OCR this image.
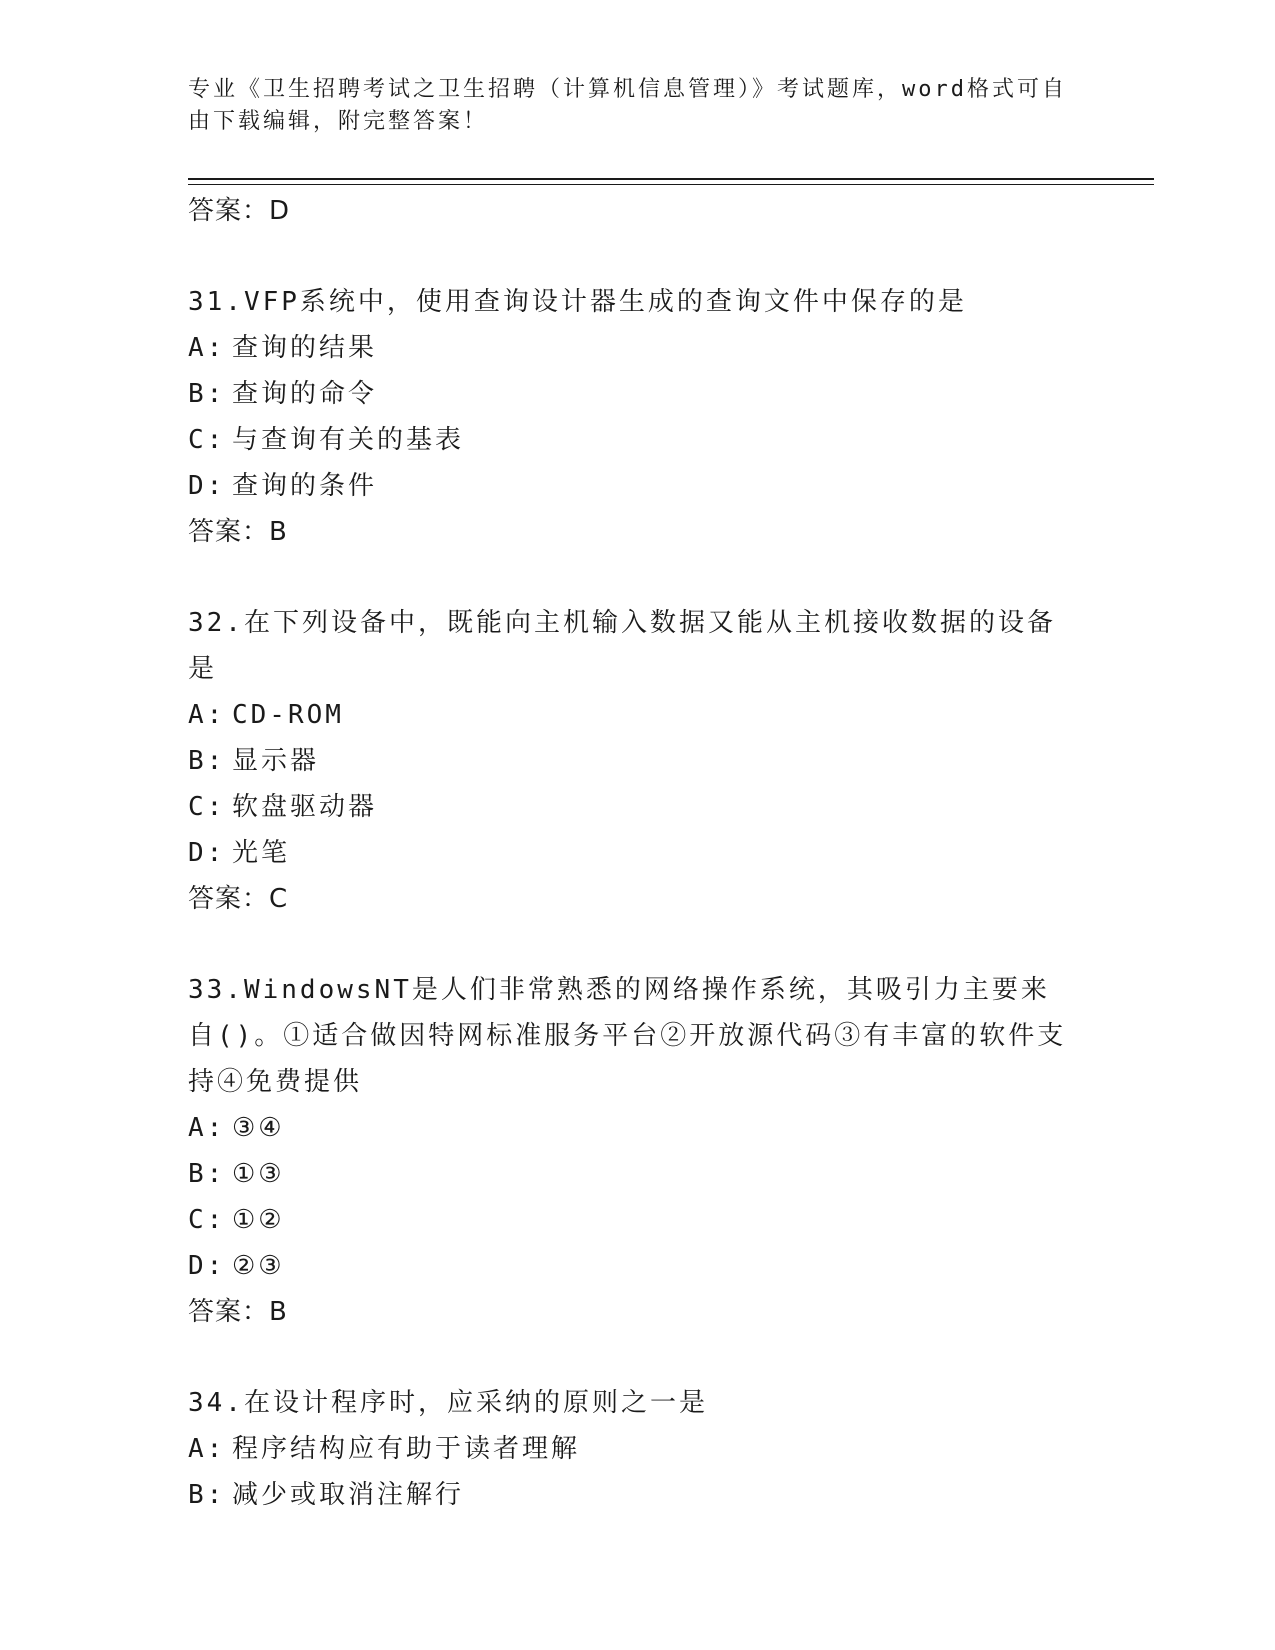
专业《卫生招聘考试之卫生招聘（计算机信息管理）》考试题库，word格式可自
由下载编辑，附完整答案！
答案：D
31.VFP系统中，使用查询设计器生成的查询文件中保存的是
A: 查询的结果
B: 查询的命令
C: 与查询有关的基表
D: 查询的条件
答案：B
32.在下列设备中，既能向主机输入数据又能从主机接收数据的设备是
A: CD-ROM
B: 显示器
C: 软盘驱动器
D: 光笔
答案：C
33.WindowsNT是人们非常熟悉的网络操作系统，其吸引力主要来自()。①适合做因特网标准服务平台②开放源代码③有丰富的软件支持④免费提供
A: ③④
B: ①③
C: ①②
D: ②③
答案：B
34.在设计程序时，应采纳的原则之一是
A: 程序结构应有助于读者理解
B: 减少或取消注解行
